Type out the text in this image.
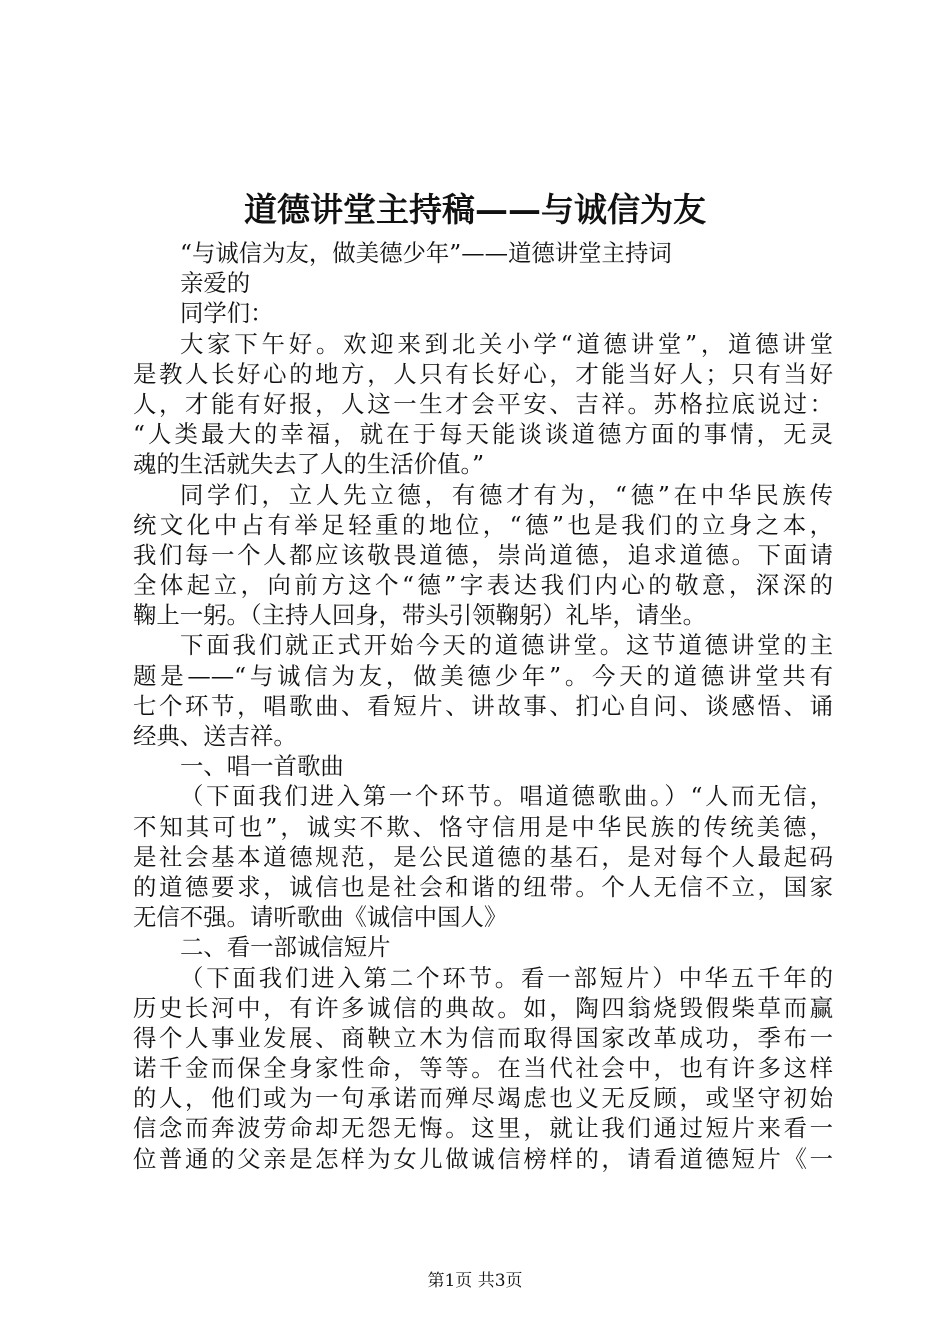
道德讲堂主持稿——与诚信为友
“与诚信为友，做美德少年”——道德讲堂主持词
亲爱的
同学们：
大家下午好。欢迎来到北关小学“道德讲堂”，道德讲堂
是教人长好心的地方，人只有长好心，才能当好人；只有当好
人，才能有好报，人这一生才会平安、吉祥。苏格拉底说过：
“人类最大的幸福，就在于每天能谈谈道德方面的事情，无灵
魂的生活就失去了人的生活价值。”
同学们，立人先立德，有德才有为，“德”在中华民族传
统文化中占有举足轻重的地位，“德”也是我们的立身之本，
我们每一个人都应该敬畏道德，崇尚道德，追求道德。下面请
全体起立，向前方这个“德”字表达我们内心的敬意，深深的
鞠上一躬。（主持人回身，带头引领鞠躬）礼毕，请坐。
下面我们就正式开始今天的道德讲堂。这节道德讲堂的主
题是——“与诚信为友，做美德少年”。今天的道德讲堂共有
七个环节，唱歌曲、看短片、讲故事、扪心自问、谈感悟、诵
经典、送吉祥。
一、唱一首歌曲
（下面我们进入第一个环节。唱道德歌曲。）“人而无信，
不知其可也”，诚实不欺、恪守信用是中华民族的传统美德，
是社会基本道德规范，是公民道德的基石，是对每个人最起码
的道德要求，诚信也是社会和谐的纽带。个人无信不立，国家
无信不强。请听歌曲《诚信中国人》
二、看一部诚信短片
（下面我们进入第二个环节。看一部短片）中华五千年的
历史长河中，有许多诚信的典故。如，陶四翁烧毁假柴草而赢
得个人事业发展、商鞅立木为信而取得国家改革成功，季布一
诺千金而保全身家性命，等等。在当代社会中，也有许多这样
的人，他们或为一句承诺而殚尽竭虑也义无反顾，或坚守初始
信念而奔波劳命却无怨无悔。这里，就让我们通过短片来看一
位普通的父亲是怎样为女儿做诚信榜样的，请看道德短片《一
第1页 共3页
